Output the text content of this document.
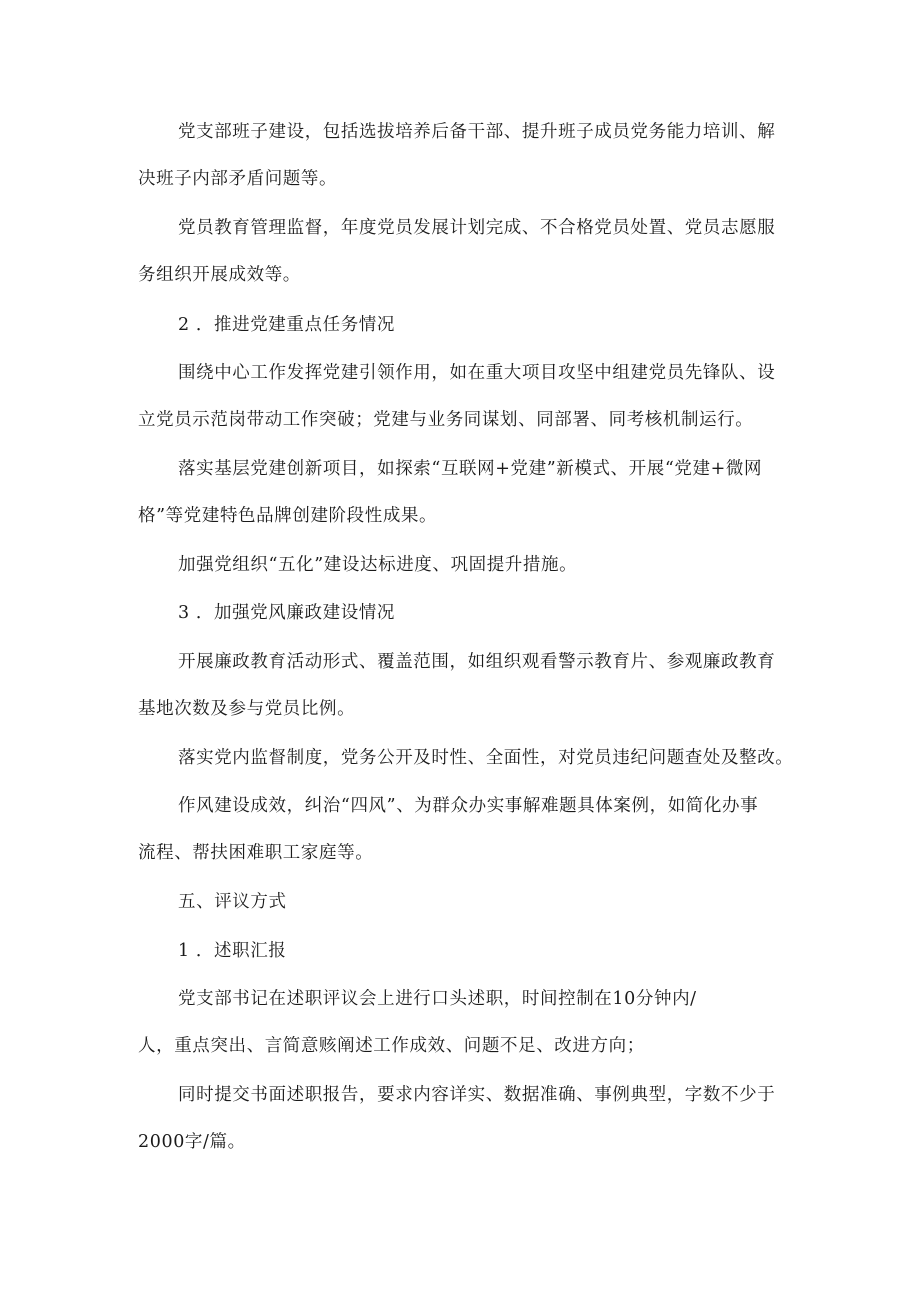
党支部班子建设，包括选拔培养后备干部、提升班子成员党务能力培训、解
决班子内部矛盾问题等。
党员教育管理监督，年度党员发展计划完成、不合格党员处置、党员志愿服
务组织开展成效等。
2 ．推进党建重点任务情况
围绕中心工作发挥党建引领作用，如在重大项目攻坚中组建党员先锋队、设
立党员示范岗带动工作突破；党建与业务同谋划、同部署、同考核机制运行。
落实基层党建创新项目，如探索“互联网+党建”新模式、开展“党建+微网
格”等党建特色品牌创建阶段性成果。
加强党组织“五化”建设达标进度、巩固提升措施。
3 ．加强党风廉政建设情况
开展廉政教育活动形式、覆盖范围，如组织观看警示教育片、参观廉政教育
基地次数及参与党员比例。
落实党内监督制度，党务公开及时性、全面性，对党员违纪问题查处及整改。
作风建设成效，纠治“四风”、为群众办实事解难题具体案例，如简化办事
流程、帮扶困难职工家庭等。
五、评议方式
1 ．述职汇报
党支部书记在述职评议会上进行口头述职，时间控制在10分钟内/
人，重点突出、言简意赅阐述工作成效、问题不足、改进方向；
同时提交书面述职报告，要求内容详实、数据准确、事例典型，字数不少于
2000字/篇。
